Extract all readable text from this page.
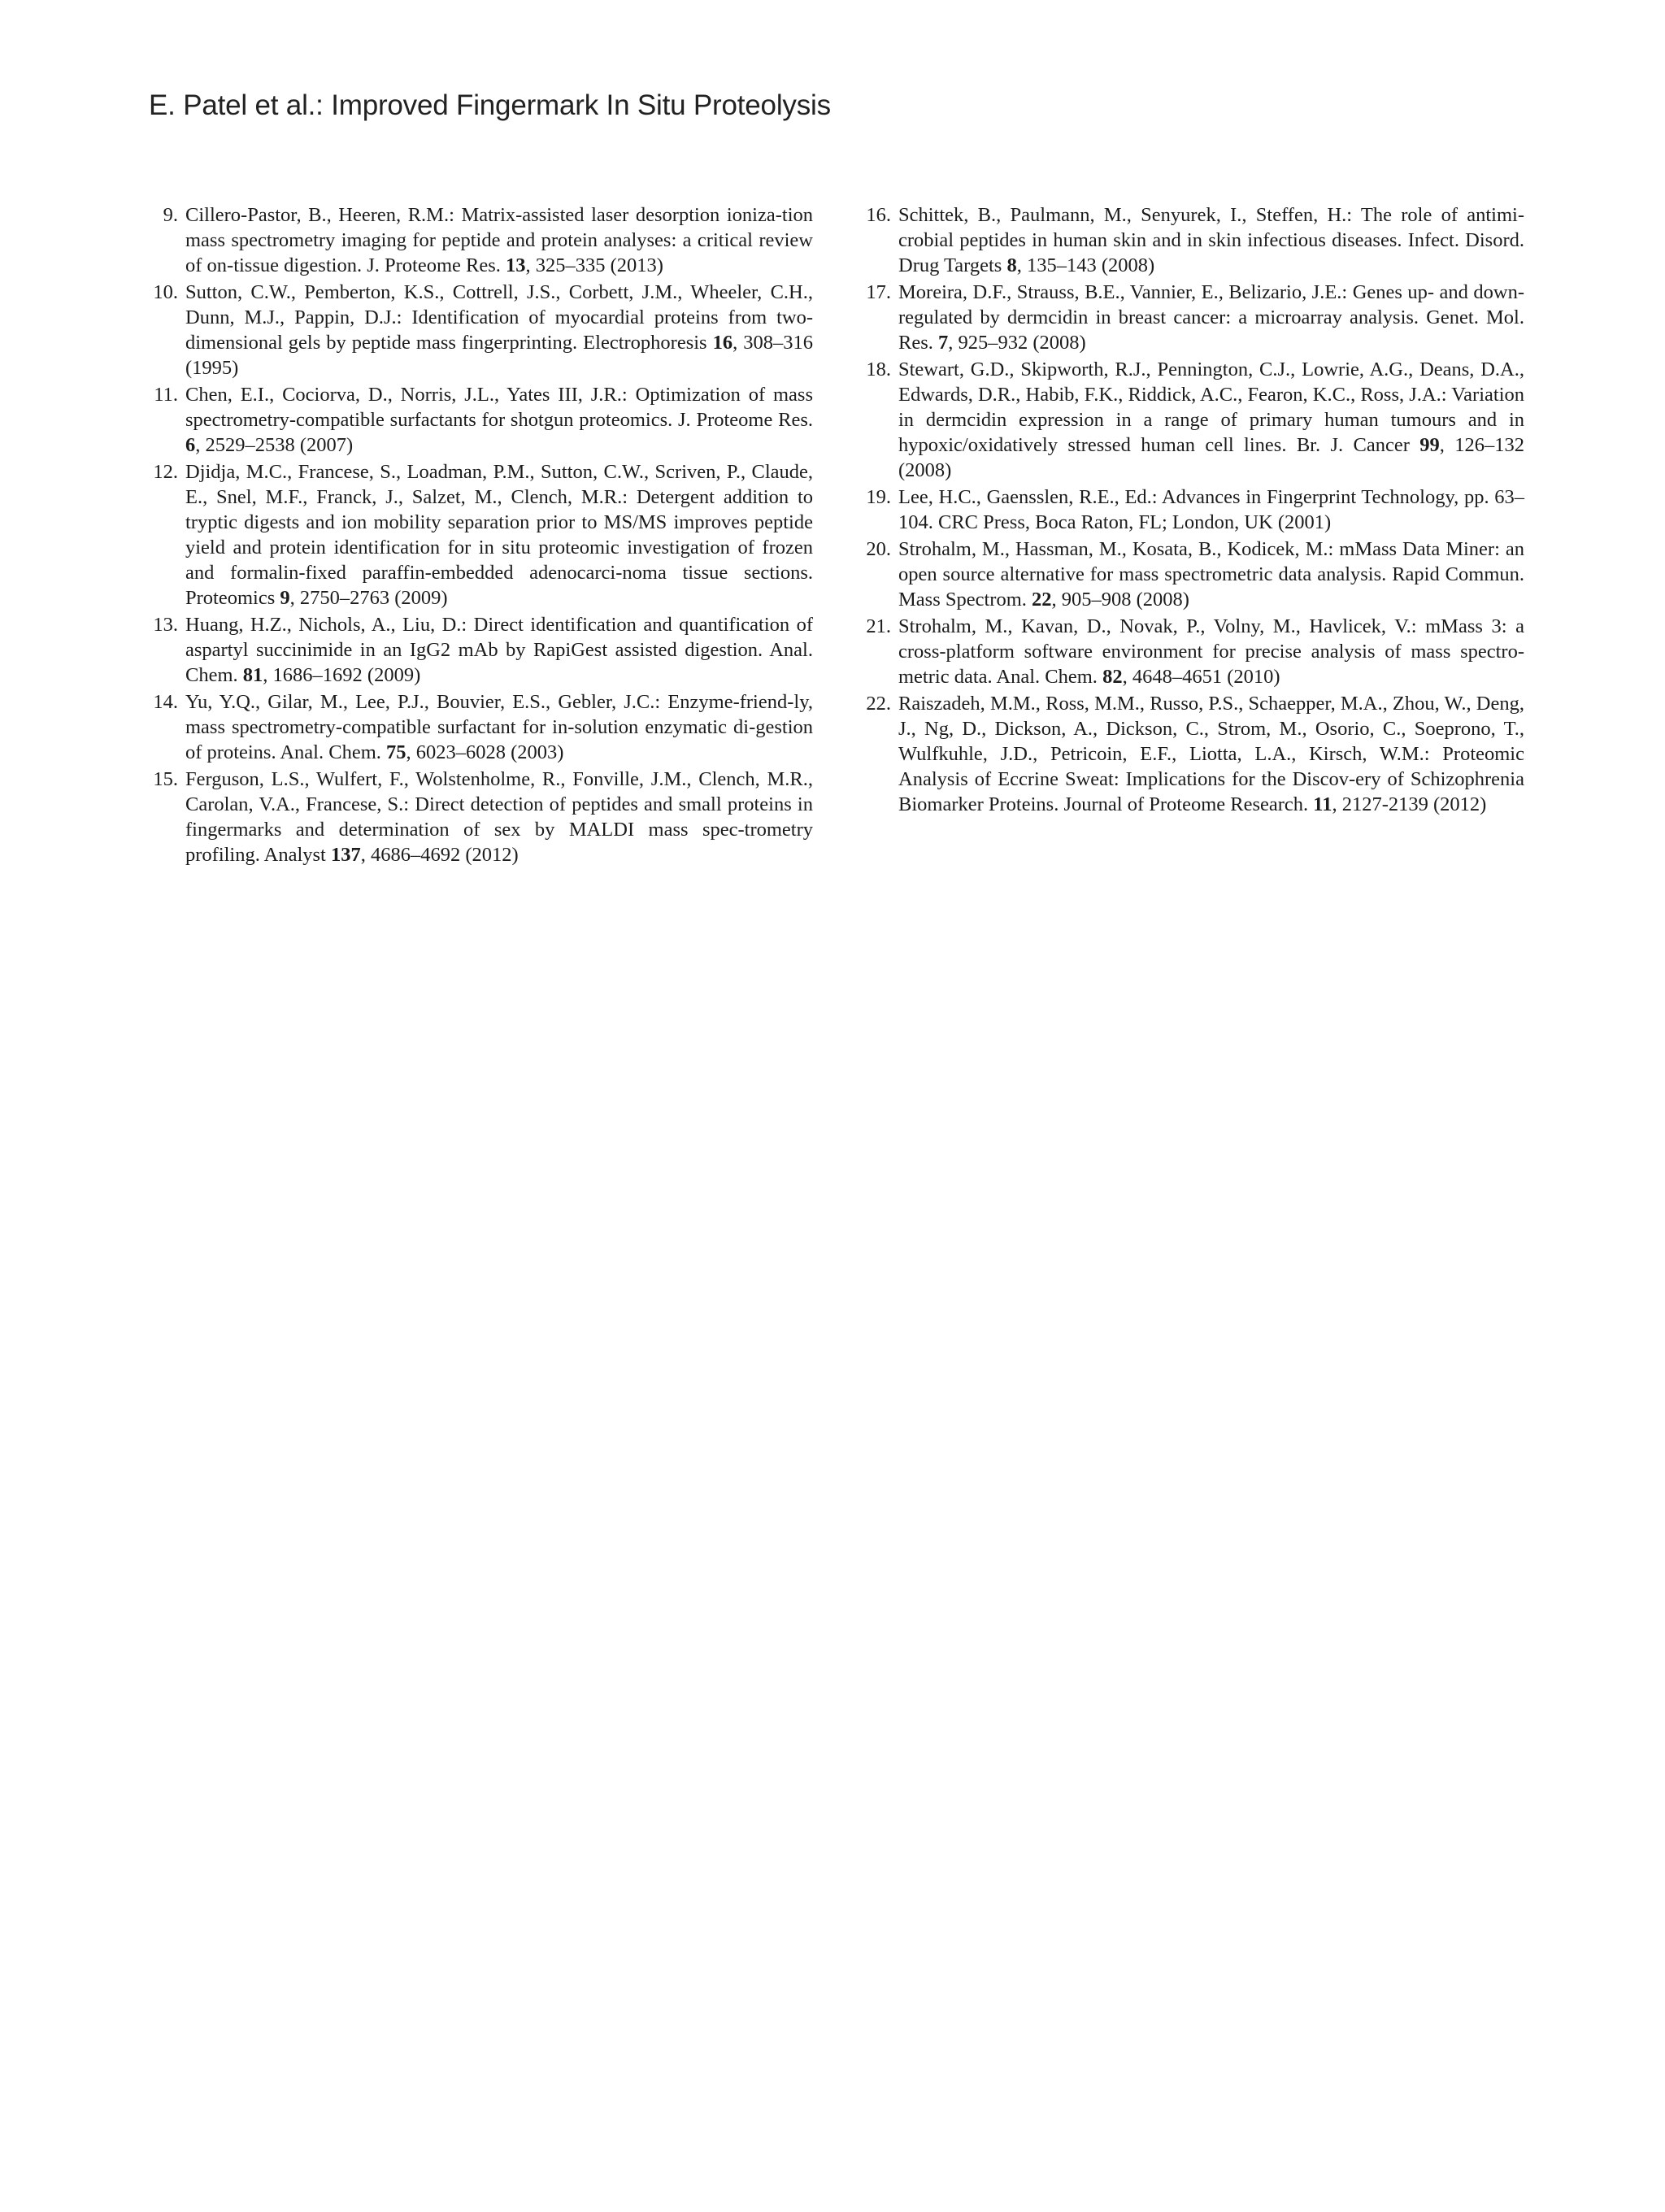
E. Patel et al.: Improved Fingermark In Situ Proteolysis
9. Cillero-Pastor, B., Heeren, R.M.: Matrix-assisted laser desorption ioniza-tion mass spectrometry imaging for peptide and protein analyses: a critical review of on-tissue digestion. J. Proteome Res. 13, 325–335 (2013)
10. Sutton, C.W., Pemberton, K.S., Cottrell, J.S., Corbett, J.M., Wheeler, C.H., Dunn, M.J., Pappin, D.J.: Identification of myocardial proteins from two-dimensional gels by peptide mass fingerprinting. Electrophoresis 16, 308–316 (1995)
11. Chen, E.I., Cociorva, D., Norris, J.L., Yates III, J.R.: Optimization of mass spectrometry-compatible surfactants for shotgun proteomics. J. Proteome Res. 6, 2529–2538 (2007)
12. Djidja, M.C., Francese, S., Loadman, P.M., Sutton, C.W., Scriven, P., Claude, E., Snel, M.F., Franck, J., Salzet, M., Clench, M.R.: Detergent addition to tryptic digests and ion mobility separation prior to MS/MS improves peptide yield and protein identification for in situ proteomic investigation of frozen and formalin-fixed paraffin-embedded adenocarci-noma tissue sections. Proteomics 9, 2750–2763 (2009)
13. Huang, H.Z., Nichols, A., Liu, D.: Direct identification and quantification of aspartyl succinimide in an IgG2 mAb by RapiGest assisted digestion. Anal. Chem. 81, 1686–1692 (2009)
14. Yu, Y.Q., Gilar, M., Lee, P.J., Bouvier, E.S., Gebler, J.C.: Enzyme-friend-ly, mass spectrometry-compatible surfactant for in-solution enzymatic di-gestion of proteins. Anal. Chem. 75, 6023–6028 (2003)
15. Ferguson, L.S., Wulfert, F., Wolstenholme, R., Fonville, J.M., Clench, M.R., Carolan, V.A., Francese, S.: Direct detection of peptides and small proteins in fingermarks and determination of sex by MALDI mass spec-trometry profiling. Analyst 137, 4686–4692 (2012)
16. Schittek, B., Paulmann, M., Senyurek, I., Steffen, H.: The role of antimi-crobial peptides in human skin and in skin infectious diseases. Infect. Disord. Drug Targets 8, 135–143 (2008)
17. Moreira, D.F., Strauss, B.E., Vannier, E., Belizario, J.E.: Genes up- and down-regulated by dermcidin in breast cancer: a microarray analysis. Genet. Mol. Res. 7, 925–932 (2008)
18. Stewart, G.D., Skipworth, R.J., Pennington, C.J., Lowrie, A.G., Deans, D.A., Edwards, D.R., Habib, F.K., Riddick, A.C., Fearon, K.C., Ross, J.A.: Variation in dermcidin expression in a range of primary human tumours and in hypoxic/oxidatively stressed human cell lines. Br. J. Cancer 99, 126–132 (2008)
19. Lee, H.C., Gaensslen, R.E., Ed.: Advances in Fingerprint Technology, pp. 63–104. CRC Press, Boca Raton, FL; London, UK (2001)
20. Strohalm, M., Hassman, M., Kosata, B., Kodicek, M.: mMass Data Miner: an open source alternative for mass spectrometric data analysis. Rapid Commun. Mass Spectrom. 22, 905–908 (2008)
21. Strohalm, M., Kavan, D., Novak, P., Volny, M., Havlicek, V.: mMass 3: a cross-platform software environment for precise analysis of mass spectro-metric data. Anal. Chem. 82, 4648–4651 (2010)
22. Raiszadeh, M.M., Ross, M.M., Russo, P.S., Schaepper, M.A., Zhou, W., Deng, J., Ng, D., Dickson, A., Dickson, C., Strom, M., Osorio, C., Soeprono, T., Wulfkuhle, J.D., Petricoin, E.F., Liotta, L.A., Kirsch, W.M.: Proteomic Analysis of Eccrine Sweat: Implications for the Discov-ery of Schizophrenia Biomarker Proteins. Journal of Proteome Research. 11, 2127-2139 (2012)
